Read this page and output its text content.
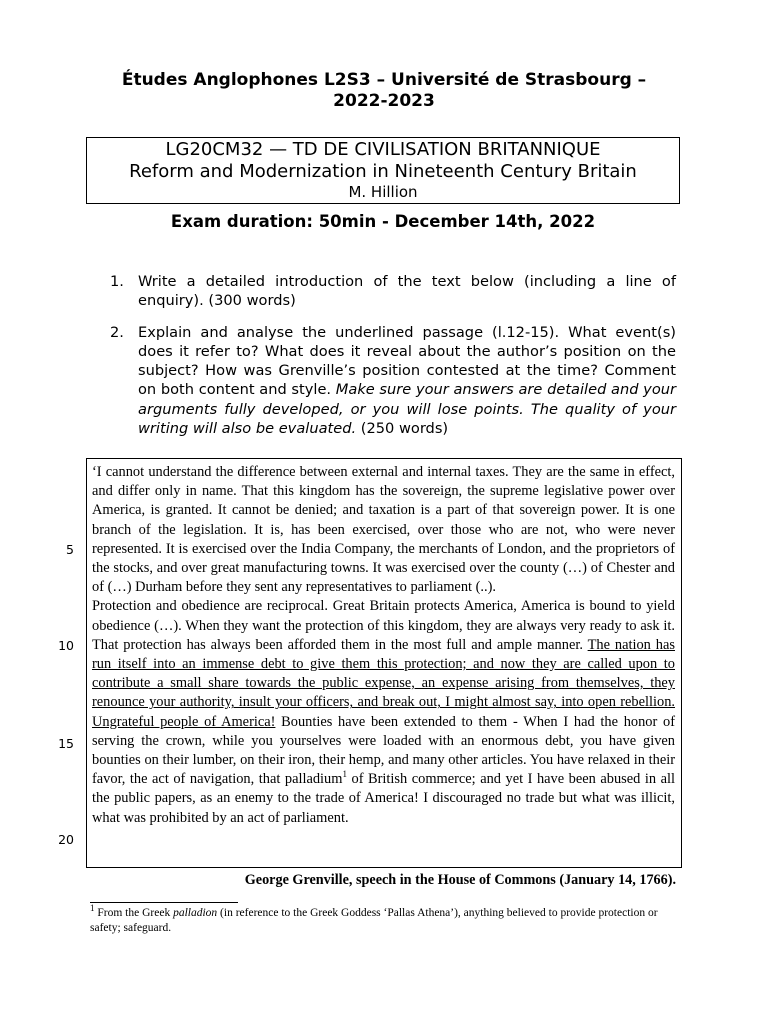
Études Anglophones L2S3 – Université de Strasbourg –
2022-2023
LG20CM32 — TD DE CIVILISATION BRITANNIQUE
Reform and Modernization in Nineteenth Century Britain
M. Hillion
Exam duration: 50min - December 14th, 2022
1. Write a detailed introduction of the text below (including a line of enquiry). (300 words)
2. Explain and analyse the underlined passage (l.12-15). What event(s) does it refer to? What does it reveal about the author’s position on the subject? How was Grenville’s position contested at the time? Comment on both content and style. Make sure your answers are detailed and your arguments fully developed, or you will lose points. The quality of your writing will also be evaluated. (250 words)
5
10
15
20

‘I cannot understand the difference between external and internal taxes. They are the same in effect, and differ only in name. That this kingdom has the sovereign, the supreme legislative power over America, is granted. It cannot be denied; and taxation is a part of that sovereign power. It is one branch of the legislation. It is, has been exercised, over those who are not, who were never represented. It is exercised over the India Company, the merchants of London, and the proprietors of the stocks, and over great manufacturing towns. It was exercised over the county (…) of Chester and of (…) Durham before they sent any representatives to parliament (..).

Protection and obedience are reciprocal. Great Britain protects America, America is bound to yield obedience (…). When they want the protection of this kingdom, they are always very ready to ask it. That protection has always been afforded them in the most full and ample manner. The nation has run itself into an immense debt to give them this protection; and now they are called upon to contribute a small share towards the public expense, an expense arising from themselves, they renounce your authority, insult your officers, and break out, I might almost say, into open rebellion. Ungrateful people of America! Bounties have been extended to them - When I had the honor of serving the crown, while you yourselves were loaded with an enormous debt, you have given bounties on their lumber, on their iron, their hemp, and many other articles. You have relaxed in their favor, the act of navigation, that palladium$^1$ of British commerce; and yet I have been abused in all the public papers, as an enemy to the trade of America! I discouraged no trade but what was illicit, what was prohibited by an act of parliament.

George Grenville, speech in the House of Commons (January 14, 1766).
$^1$ From the Greek palladion (in reference to the Greek Goddess ‘Pallas Athena’), anything believed to provide protection or safety; safeguard.
